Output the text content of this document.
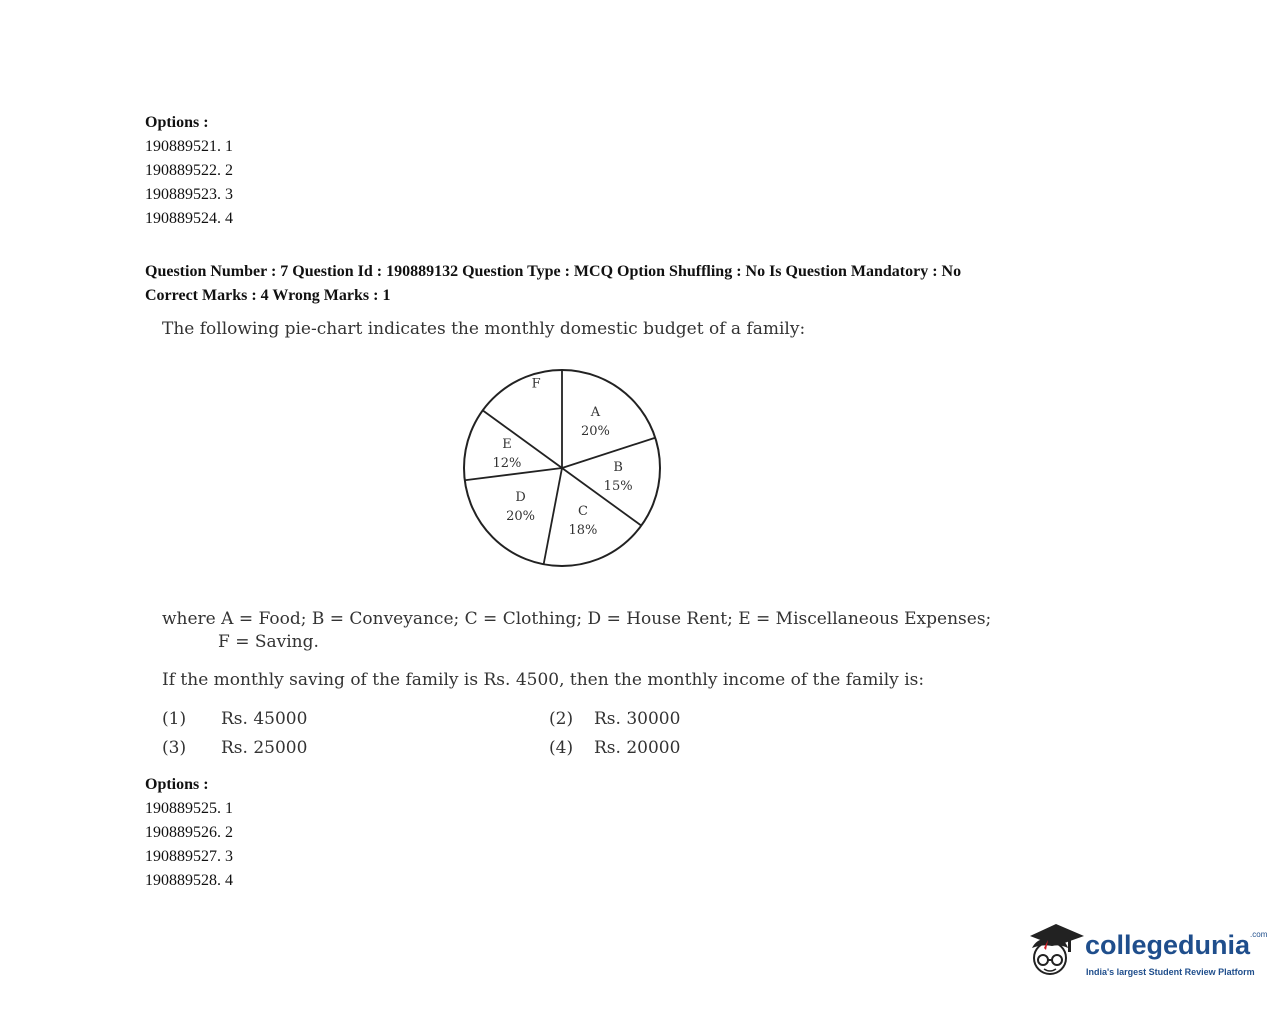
Options :
190889521. 1
190889522. 2
190889523. 3
190889524. 4
Question Number : 7 Question Id : 190889132 Question Type : MCQ Option Shuffling : No Is Question Mandatory : No
Correct Marks : 4 Wrong Marks : 1
The following pie-chart indicates the monthly domestic budget of a family:
A
20%
B
15%
C
18%
D
20%
E
12%
F
where A = Food; B = Conveyance; C = Clothing; D = House Rent; E = Miscellaneous Expenses;
F = Saving.
If the monthly saving of the family is Rs. 4500, then the monthly income of the family is:
(1) Rs. 45000	(2) Rs. 30000
(3) Rs. 25000	(4) Rs. 20000
Options :
190889525. 1
190889526. 2
190889527. 3
190889528. 4
collegedunia$^{.com}$
India's largest Student Review Platform
